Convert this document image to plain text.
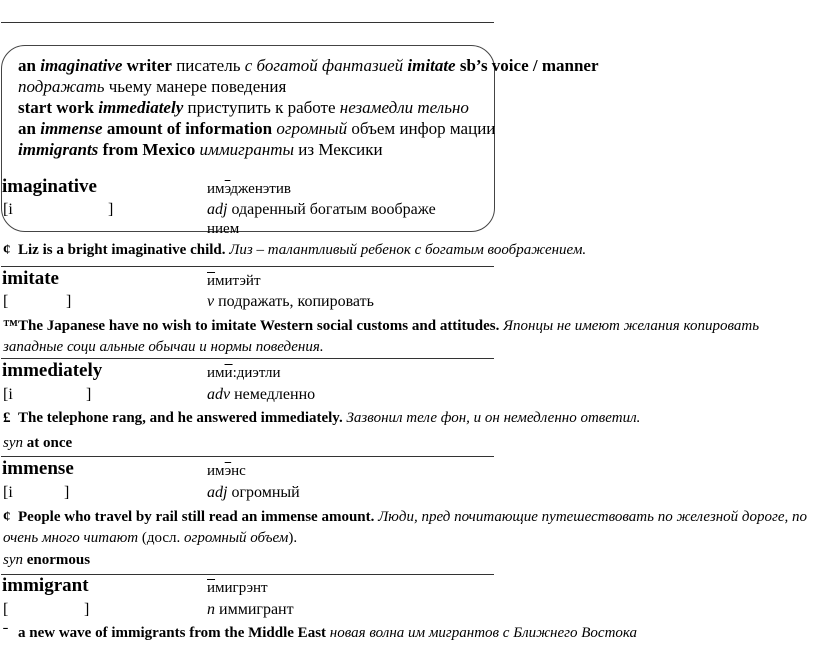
an imaginative writer писатель с богатой фантазией imitate sb’s voice / manner
подражать чьему манере поведения
start work immediately приступить к работе незамедли тельно
an immense amount of information огромный объем инфор мации
immigrants from Mexico иммигранты из Мексики
imaginative	имэдженэтив
[i	]	adj одаренный богатым воображе
нием
¢ Liz is a bright imaginative child. Лиз – талантливый ребенок с богатым воображением.
imitate	имитэйт
[	]	v подражать, копировать
™The Japanese have no wish to imitate Western social customs and attitudes. Японцы не имеют желания копировать западные соци альные обычаи и нормы поведения.
immediately	ими:диэтли
[i	]	adv немедленно
£ The telephone rang, and he answered immediately. Зазвонил теле фон, и он немедленно ответил.
syn at once
immense	имэнс
[i	]	adj огромный
¢ People who travel by rail still read an immense amount. Люди, пред почитающие путешествовать по железной дороге, по очень много читают (досл. огромный объем).
syn enormous
immigrant	имигрэнт
[	]	n иммигрант
ˉ a new wave of immigrants from the Middle East новая волна им мигрантов с Ближнего Востока
